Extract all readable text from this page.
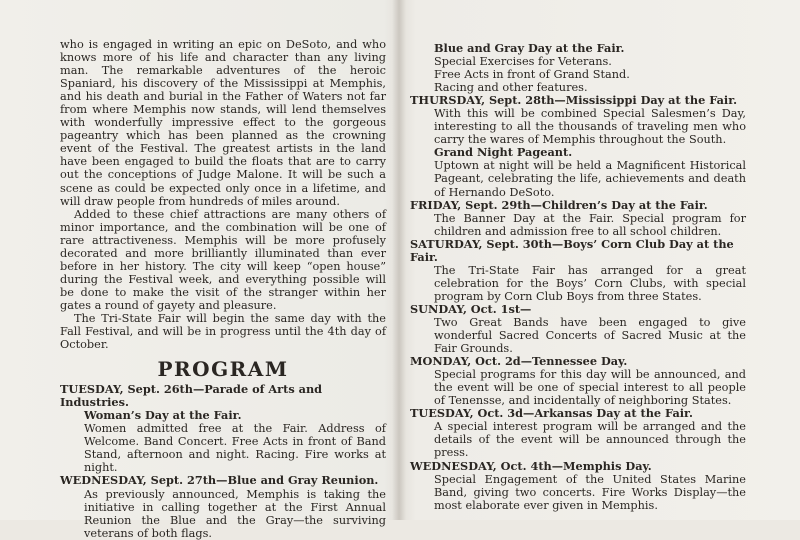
who is engaged in writing an epic on DeSoto, and who knows more of his life and character than any living man. The remarkable adventures of the heroic Spaniard, his discovery of the Mississippi at Memphis, and his death and burial in the Father of Waters not far from where Memphis now stands, will lend themselves with wonderfully impressive effect to the gorgeous pageantry which has been planned as the crowning event of the Festival. The greatest artists in the land have been engaged to build the floats that are to carry out the conceptions of Judge Malone. It will be such a scene as could be expected only once in a lifetime, and will draw people from hundreds of miles around.

Added to these chief attractions are many others of minor importance, and the combination will be one of rare attractiveness. Memphis will be more profusely decorated and more brilliantly illuminated than ever before in her history. The city will keep “open house” during the Festival week, and everything possible will be done to make the visit of the stranger within her gates a round of gayety and pleasure.

The Tri-State Fair will begin the same day with the Fall Festival, and will be in progress until the 4th day of October.

PROGRAM
TUESDAY, Sept. 26th—Parade of Arts and Industries.
Woman’s Day at the Fair.
Women admitted free at the Fair. Address of Welcome. Band Concert. Free Acts in front of Band Stand, afternoon and night. Racing. Fire works at night.
WEDNESDAY, Sept. 27th—Blue and Gray Reunion.
As previously announced, Memphis is taking the initiative in calling together at the First Annual Reunion the Blue and the Gray—the surviving veterans of both flags.
Blue and Gray Day at the Fair.
Special Exercises for Veterans.
Free Acts in front of Grand Stand.
Racing and other features.
THURSDAY, Sept. 28th—Mississippi Day at the Fair.
With this will be combined Special Salesmen’s Day, interesting to all the thousands of traveling men who carry the wares of Memphis throughout the South.
Grand Night Pageant.
Uptown at night will be held a Magnificent Historical Pageant, celebrating the life, achievements and death of Hernando DeSoto.
FRIDAY, Sept. 29th—Children’s Day at the Fair.
The Banner Day at the Fair. Special program for children and admission free to all school children.
SATURDAY, Sept. 30th—Boys’ Corn Club Day at the Fair.
The Tri-State Fair has arranged for a great celebration for the Boys’ Corn Clubs, with special program by Corn Club Boys from three States.
SUNDAY, Oct. 1st—
Two Great Bands have been engaged to give wonderful Sacred Concerts of Sacred Music at the Fair Grounds.
MONDAY, Oct. 2d—Tennessee Day.
Special programs for this day will be announced, and the event will be one of special interest to all people of Tenensse, and incidentally of neighboring States.
TUESDAY, Oct. 3d—Arkansas Day at the Fair.
A special interest program will be arranged and the details of the event will be announced through the press.
WEDNESDAY, Oct. 4th—Memphis Day.
Special Engagement of the United States Marine Band, giving two concerts. Fire Works Display—the most elaborate ever given in Memphis.
